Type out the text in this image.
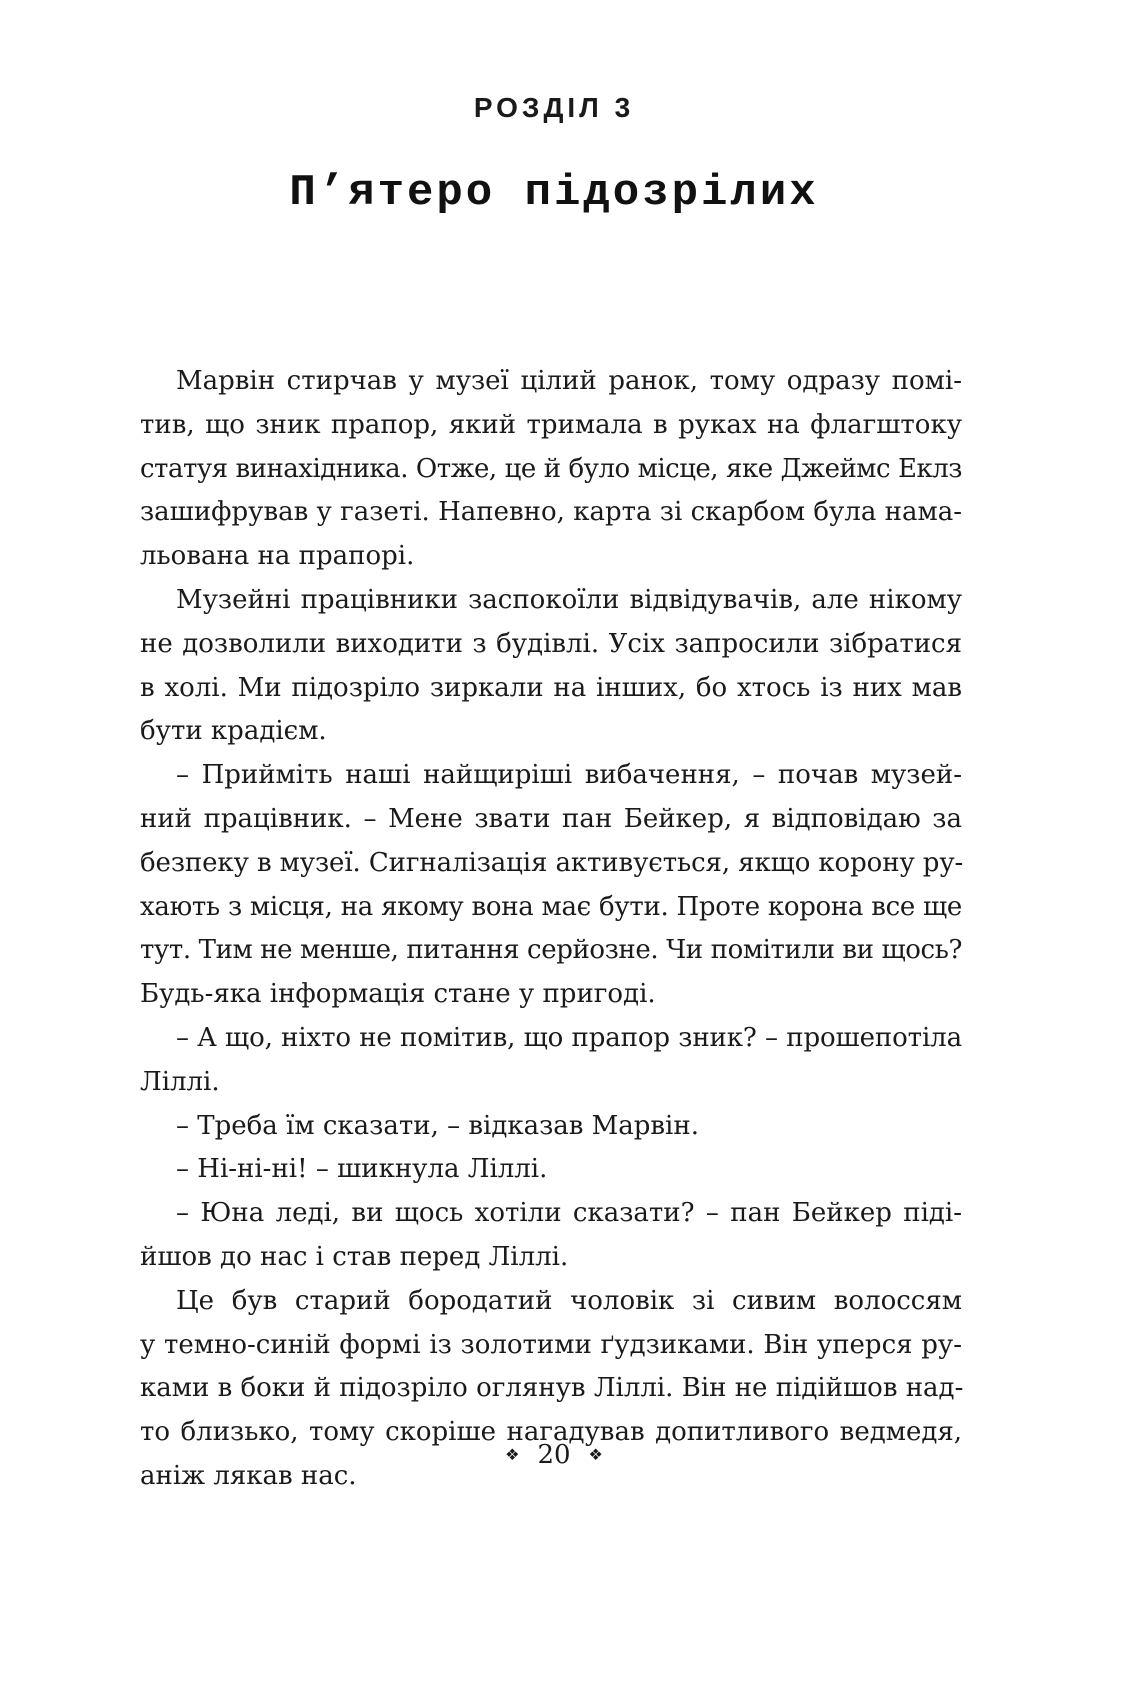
РОЗДІЛ 3
П’ятеро підозрілих
Марвін стирчав у музеї цілий ранок, тому одразу помі-
тив, що зник прапор, який тримала в руках на флагштоку
статуя винахідника. Отже, це й було місце, яке Джеймс Еклз
зашифрував у газеті. Напевно, карта зі скарбом була нама-
льована на прапорі.
Музейні працівники заспокоїли відвідувачів, але нікому
не дозволили виходити з будівлі. Усіх запросили зібратися
в холі. Ми підозріло зиркали на інших, бо хтось із них мав
бути крадієм.
– Прийміть наші найщиріші вибачення, – почав музей-
ний працівник. – Мене звати пан Бейкер, я відповідаю за
безпеку в музеї. Сигналізація активується, якщо корону ру-
хають з місця, на якому вона має бути. Проте корона все ще
тут. Тим не менше, питання серйозне. Чи помітили ви щось?
Будь-яка інформація стане у пригоді.
– А що, ніхто не помітив, що прапор зник? – прошепотіла
Ліллі.
– Треба їм сказати, – відказав Марвін.
– Ні-ні-ні! – шикнула Ліллі.
– Юна леді, ви щось хотіли сказати? – пан Бейкер піді-
йшов до нас і став перед Ліллі.
Це був старий бородатий чоловік зі сивим волоссям
у темно-синій формі із золотими ґудзиками. Він уперся ру-
ками в боки й підозріло оглянув Ліллі. Він не підійшов над-
то близько, тому скоріше нагадував допитливого ведмедя,
аніж лякав нас.
❖ 20 ❖
